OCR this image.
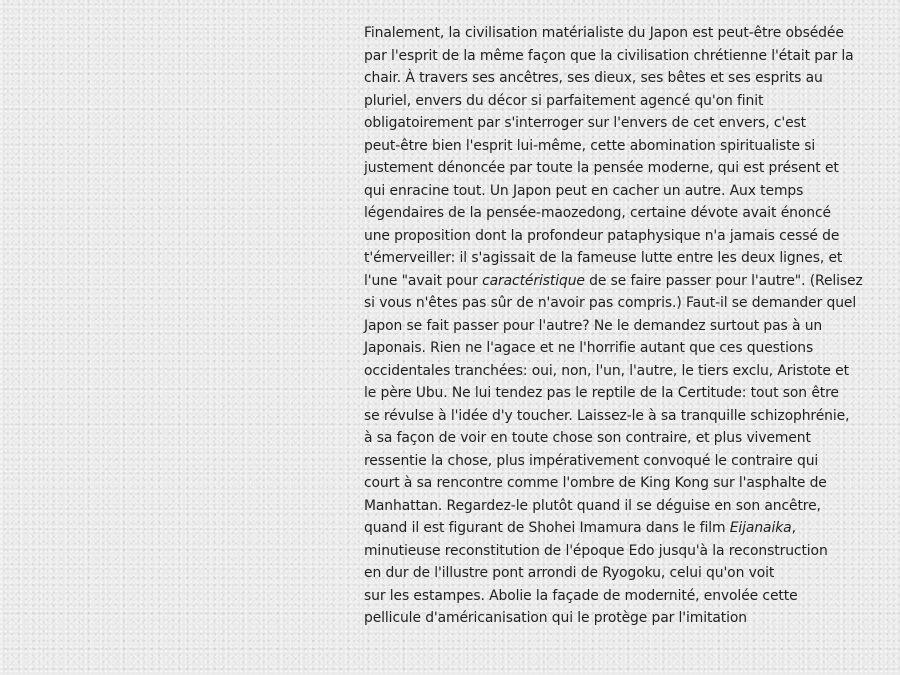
Finalement, la civilisation matérialiste du Japon est peut-être obsédée
par l'esprit de la même façon que la civilisation chrétienne l'était par la
chair. À travers ses ancêtres, ses dieux, ses bêtes et ses esprits au
pluriel, envers du décor si parfaitement agencé qu'on finit
obligatoirement par s'interroger sur l'envers de cet envers, c'est
peut-être bien l'esprit lui-même, cette abomination spiritualiste si
justement dénoncée par toute la pensée moderne, qui est présent et
qui enracine tout. Un Japon peut en cacher un autre. Aux temps
légendaires de la pensée-maozedong, certaine dévote avait énoncé
une proposition dont la profondeur pataphysique n'a jamais cessé de
t'émerveiller: il s'agissait de la fameuse lutte entre les deux lignes, et
l'une "avait pour caractéristique de se faire passer pour l'autre". (Relisez
si vous n'êtes pas sûr de n'avoir pas compris.) Faut-il se demander quel
Japon se fait passer pour l'autre? Ne le demandez surtout pas à un
Japonais. Rien ne l'agace et ne l'horrifie autant que ces questions
occidentales tranchées: oui, non, l'un, l'autre, le tiers exclu, Aristote et
le père Ubu. Ne lui tendez pas le reptile de la Certitude: tout son être
se révulse à l'idée d'y toucher. Laissez-le à sa tranquille schizophrénie,
à sa façon de voir en toute chose son contraire, et plus vivement
ressentie la chose, plus impérativement convoqué le contraire qui
court à sa rencontre comme l'ombre de King Kong sur l'asphalte de
Manhattan. Regardez-le plutôt quand il se déguise en son ancêtre,
quand il est figurant de Shohei Imamura dans le film Eijanaika,
minutieuse reconstitution de l'époque Edo jusqu'à la reconstruction
en dur de l'illustre pont arrondi de Ryogoku, celui qu'on voit
sur les estampes. Abolie la façade de modernité, envolée cette
pellicule d'américanisation qui le protège par l'imitation
